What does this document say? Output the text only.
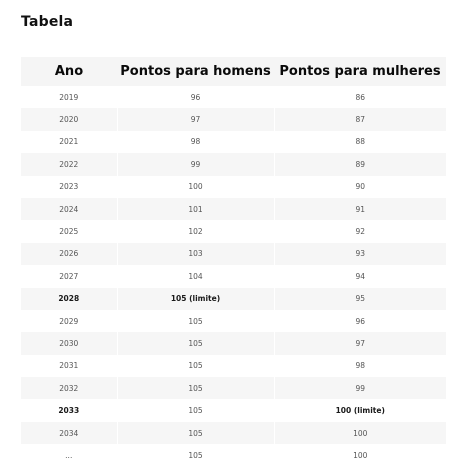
Tabela
Ano	Pontos para homens	Pontos para mulheres
2019	96	86
2020	97	87
2021	98	88
2022	99	89
2023	100	90
2024	101	91
2025	102	92
2026	103	93
2027	104	94
2028	105 (limite)	95
2029	105	96
2030	105	97
2031	105	98
2032	105	99
2033	105	100 (limite)
2034	105	100
...	105	100
